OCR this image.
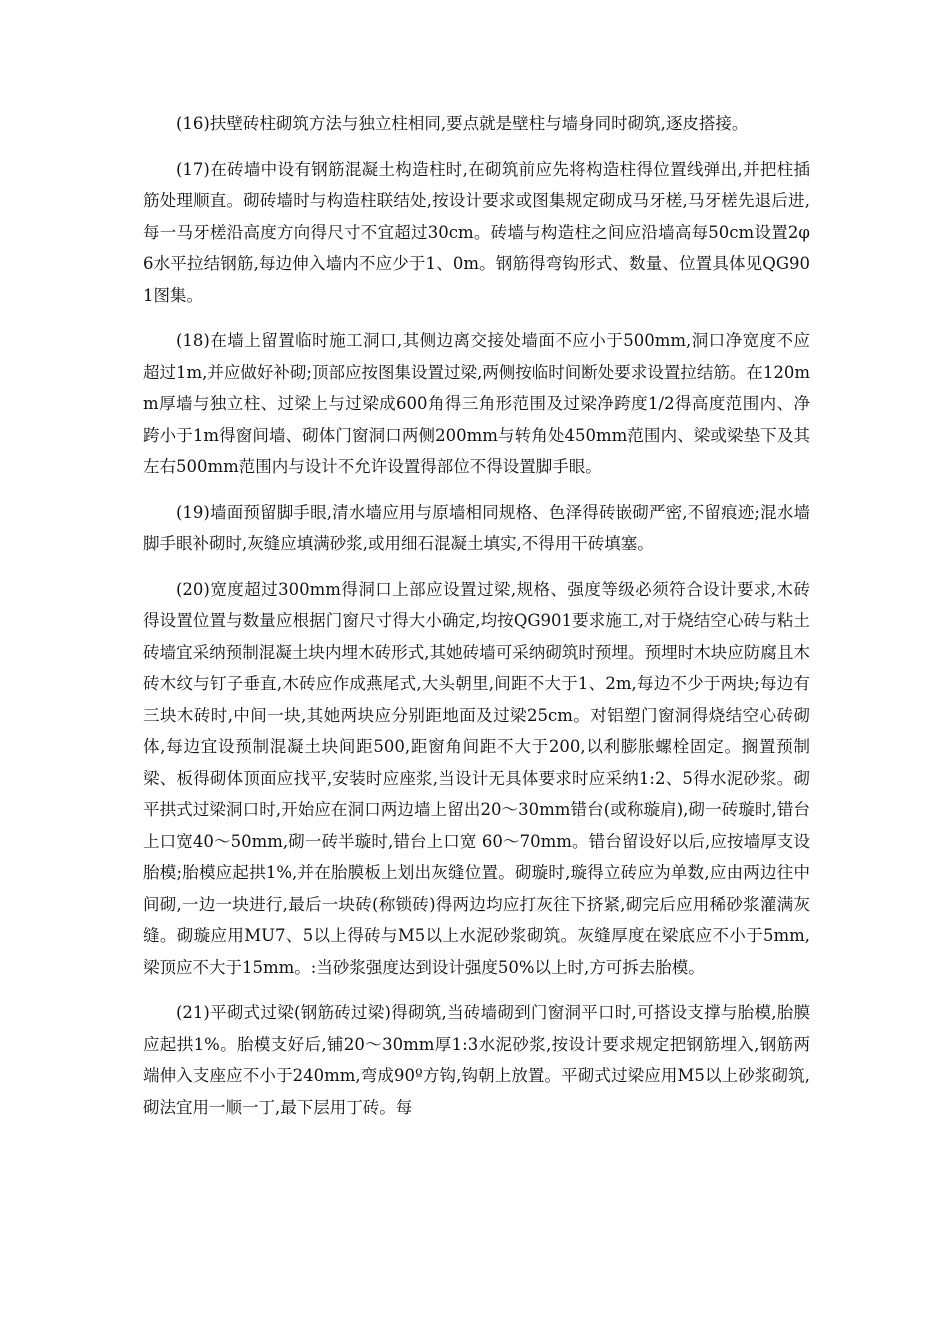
(16)扶壁砖柱砌筑方法与独立柱相同,要点就是壁柱与墙身同时砌筑,逐皮搭接。

(17)在砖墙中设有钢筋混凝土构造柱时,在砌筑前应先将构造柱得位置线弹出,并把柱插筋处理顺直。砌砖墙时与构造柱联结处,按设计要求或图集规定砌成马牙槎,马牙槎先退后进,每一马牙槎沿高度方向得尺寸不宜超过30cm。砖墙与构造柱之间应沿墙高每50cm设置2φ6水平拉结钢筋,每边伸入墙内不应少于1、0m。钢筋得弯钩形式、数量、位置具体见QG901图集。

(18)在墙上留置临时施工洞口,其侧边离交接处墙面不应小于500mm,洞口净宽度不应超过1m,并应做好补砌;顶部应按图集设置过梁,两侧按临时间断处要求设置拉结筋。在120mm厚墙与独立柱、过梁上与过梁成600角得三角形范围及过梁净跨度1/2得高度范围内、净跨小于1m得窗间墙、砌体门窗洞口两侧200mm与转角处450mm范围内、梁或梁垫下及其左右500mm范围内与设计不允许设置得部位不得设置脚手眼。

(19)墙面预留脚手眼,清水墙应用与原墙相同规格、色泽得砖嵌砌严密,不留痕迹;混水墙脚手眼补砌时,灰缝应填满砂浆,或用细石混凝土填实,不得用干砖填塞。

(20)宽度超过300mm得洞口上部应设置过梁,规格、强度等级必须符合设计要求,木砖得设置位置与数量应根据门窗尺寸得大小确定,均按QG901要求施工,对于烧结空心砖与粘土砖墙宜采纳预制混凝土块内埋木砖形式,其她砖墙可采纳砌筑时预埋。预埋时木块应防腐且木砖木纹与钉子垂直,木砖应作成燕尾式,大头朝里,间距不大于1、2m,每边不少于两块;每边有三块木砖时,中间一块,其她两块应分别距地面及过梁25cm。对铝塑门窗洞得烧结空心砖砌体,每边宜设预制混凝土块间距500,距窗角间距不大于200,以利膨胀螺栓固定。搁置预制梁、板得砌体顶面应找平,安装时应座浆,当设计无具体要求时应采纳1:2、5得水泥砂浆。砌平拱式过梁洞口时,开始应在洞口两边墙上留出20～30mm错台(或称璇肩),砌一砖璇时,错台上口宽40～50mm,砌一砖半璇时,错台上口宽 60～70mm。错台留设好以后,应按墙厚支设胎模;胎模应起拱1%,并在胎膜板上划出灰缝位置。砌璇时,璇得立砖应为单数,应由两边往中间砌,一边一块进行,最后一块砖(称锁砖)得两边均应打灰往下挤紧,砌完后应用稀砂浆灌满灰缝。砌璇应用MU7、5以上得砖与M5以上水泥砂浆砌筑。灰缝厚度在梁底应不小于5mm,梁顶应不大于15mm。:当砂浆强度达到设计强度50%以上时,方可拆去胎模。

(21)平砌式过梁(钢筋砖过梁)得砌筑,当砖墙砌到门窗洞平口时,可搭设支撑与胎模,胎膜应起拱1%。胎模支好后,铺20～30mm厚1:3水泥砂浆,按设计要求规定把钢筋埋入,钢筋两端伸入支座应不小于240mm,弯成90º方钩,钩朝上放置。平砌式过梁应用M5以上砂浆砌筑,砌法宜用一顺一丁,最下层用丁砖。每
